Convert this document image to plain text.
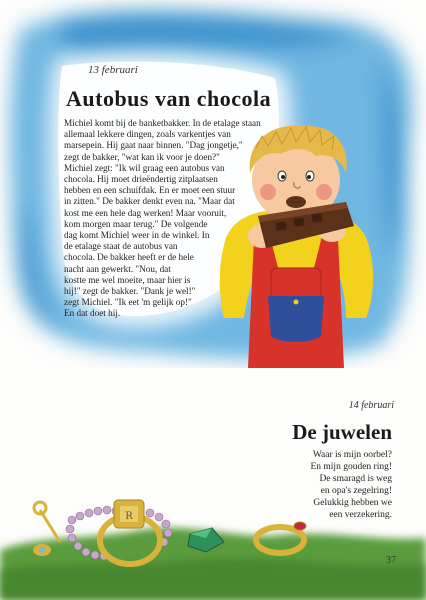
13 februari
Autobus van chocola

Michiel komt bij de banketbakker. In de etalage staan
allemaal lekkere dingen, zoals varkentjes van
marsepein. Hij gaat naar binnen. "Dag jongetje,"
zegt de bakker, "wat kan ik voor je doen?"
Michiel zegt: "Ik wil graag een autobus van
chocola. Hij moet drieëndertig zitplaatsen
hebben en een schuifdak. En er moet een stuur
in zitten." De bakker denkt even na. "Maar dat
kost me een hele dag werken! Maar vooruit,
kom morgen maar terug." De volgende
dag komt Michiel weer in de winkel. In
de etalage staat de autobus van
chocola. De bakker heeft er de hele
nacht aan gewerkt. "Nou, dat
kostte me wel moeite, maar hier is
hij!" zegt de bakker. "Dank je wel!"
zegt Michiel. "Ik eet 'm gelijk op!"
En dat doet hij.

14 februari
De juwelen
Waar is mijn oorbel?
En mijn gouden ring!
De smaragd is weg
en opa's zegelring!
Gelukkig hebben we
een verzekering.
R
37
